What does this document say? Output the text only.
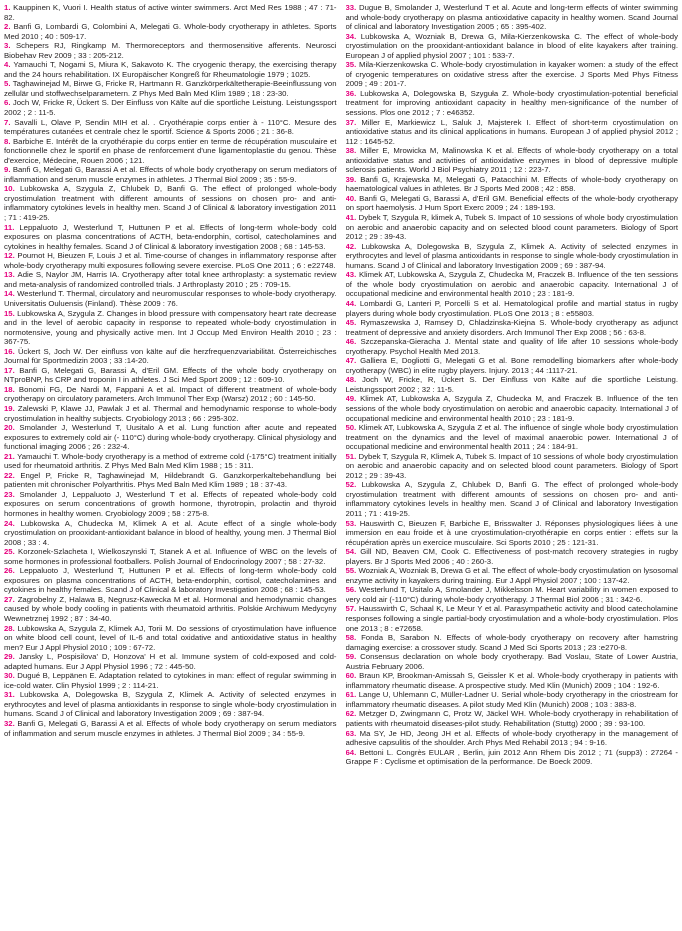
1 . Kauppinen K, Vuori I. Health status of active winter swimmers. Arct Med Res 1988 ; 47 : 71-82.

2 . Banfi G, Lombardi G, Colombini A, Melegati G. Whole-body cryotherapy in athletes. Sports Med 2010 ; 40 : 509-17.

3 . Schepers RJ, Ringkamp M. Thermoreceptors and thermosensitive afferents. Neurosci Biobehav Rev 2009 ; 33 : 205-212.

4 . Yamauchi T, Nogami S, Miura K, Sakavoto K. The cryogenic therapy, the exercising therapy and the 24 hours rehabilitation. IX Europäischer Kongreß für Rheumatologie 1979 ; 1025.

5 . Taghawinejad M, Birwe G, Fricke R, Hartmann R. Ganzkörperkältetherapie-Beeinflussung von zellulär und stoffwechselparametern. Z Phys Med Baln Med Klim 1989 ; 18 : 23-30.

6 . Joch W, Fricke R, Ückert S. Der Einfluss von Kälte auf die sportliche Leistung. Leistungssport 2002 ; 2 : 11-5.

7 . Savalli L, Olave P, Sendin MIH et al. . Cryothérapie corps entier à - 110°C. Mesure des températures cutanées et centrale chez le sportif. Science & Sports 2006 ; 21 : 36-8.

8 . Barbiche E. Intérêt de la cryothérapie du corps entier en terme de récupération musculaire et fonctionnelle chez le sportif en phase de renforcement d'une ligamentoplastie du genou. Thèse d'exercice, Médecine, Rouen 2006 ; 121.

9 . Banfi G, Melegati G, Barassi A et al. Effects of whole body cryotherapy on serum mediators of inflammation and serum muscle enzymes in athletes. J Thermal Biol 2009 ; 35 : 55-9.

10 . Lubkowska A, Szygula Z, Chlubek D, Banfi G. The effect of prolonged whole-body cryostimulation treatment with different amounts of sessions on chosen pro- and anti-inflammatory cytokines levels in healthy men. Scand J of Clinical & laboratory investigation 2011 ; 71 : 419-25.

11 . Leppaluoto J, Westerlund T, Huttunen P et al. Effects of long-term whole-body cold exposures on plasma concentrations of ACTH, beta-endorphin, cortisol, catecholamines and cytokines in healthy females. Scand J of Clinical & laboratory investigation 2008 ; 68 : 145-53.

12 . Pournot H, Bieuzen F, Louis J et al. Time-course of changes in inflammatory response after whole-body cryotherapy multi exposures following severe exercise. PLoS One 2011 ; 6 : e22748.

13 . Adie S, Naylor JM, Harris IA. Cryotherapy after total knee arthroplasty: a systematic review and meta-analysis of randomized controlled trials. J Arthroplasty 2010 ; 25 : 709-15.

14 . Westerlund T. Thermal, circulatory and neuromuscular responses to whole-body cryotherapy. Universitatis Ouluensis (Finland). Thèse 2009 : 76.

15 . Lubkowska A, Szygula Z. Changes in blood pressure with compensatory heart rate decrease and in the level of aerobic capacity in response to repeated whole-body cryostimulation in normotensive, young and physically active men. Int J Occup Med Environ Health 2010 ; 23 : 367-75.

16 . Ückert S, Joch W. Der einfluss von kälte auf die herzfrequenzvariabilität. Österreichisches Journal für Sportmedizin 2003 ; 33 :14-20.

17 . Banfi G, Melegati G, Barassi A, d'Eril GM. Effects of the whole body cryotherapy on NTproBNP, hs CRP and troponin I in athletes. J Sci Med Sport 2009 ; 12 : 609-10.

18 . Bonomi FG, De Nardi M, Fappani A et al. Impact of different treatment of whole-body cryotherapy on circulatory parameters. Arch Immunol Ther Exp (Warsz) 2012 ; 60 : 145-50.

19 . Zalewski P, Klawe JJ, Pawlak J et al. Thermal and hemodynamic response to whole-body cryostimulation in healthy subjects. Cryobiology 2013 ; 66 : 295-302.

20 . Smolander J, Westerlund T, Uusitalo A et al. Lung function after acute and repeated exposures to extremely cold air (- 110°C) during whole-body cryotherapy. Clinical physiology and functional imaging 2006 ; 26 : 232-4.

21 . Yamauchi T. Whole-body cryotherapy is a method of extreme cold (-175°C) treatment initially used for rheumatoid arthritis. Z Phys Med Baln Med Klim 1988 ; 15 : 311.

22 . Engel P, Fricke R, Taghawinejad M, Hildebrandt G. Ganzkorperkaltebehandlung bei patienten mit chronischer Polyarthritis. Phys Med Baln Med Klim 1989 ; 18 : 37-43.

23 . Smolander J, Leppaluoto J, Westerlund T et al. Effects of repeated whole-body cold exposures on serum concentrations of growth hormone, thyrotropin, prolactin and thyroid hormones in healthy women. Cryobiology 2009 ; 58 : 275-8.

24 . Lubkowska A, Chudecka M, Klimek A et al. Acute effect of a single whole-body cryostimulation on prooxidant-antioxidant balance in blood of healthy, young men. J Thermal Biol 2008 ; 33 : 4.

25 . Korzonek-Szlacheta I, Wielkoszynski T, Stanek A et al. Influence of WBC on the levels of some hormones in professional footballers. Polish Journal of Endocrinology 2007 ; 58 : 27-32.

26 . Leppaluoto J, Westerlund T, Huttunen P et al. Effects of long-term whole-body cold exposures on plasma concentrations of ACTH, beta-endorphin, cortisol, catecholamines and cytokines in healthy females. Scand J of Clinical & laboratory Investigation 2008 ; 68 : 145-53.

27 . Zagrobelny Z, Halawa B, Negrusz-Kawecka M et al. Hormonal and hemodynamic changes caused by whole body cooling in patients with rheumatoid arthritis. Polskie Archiwum Medycyny Wewnetrznej 1992 ; 87 : 34-40.

28 . Lubkowska A, Szygula Z, Klimek AJ, Torii M. Do sessions of cryostimulation have influence on white blood cell count, level of IL-6 and total oxidative and antioxidative status in healthy men? Eur J Appl Physiol 2010 ; 109 : 67-72.

29 . Jansky L, Pospisilova' D, Honzova' H et al. Immune system of cold-exposed and cold-adapted humans. Eur J Appl Physiol 1996 ; 72 : 445-50.

30 . Dugué B, Leppänen E. Adaptation related to cytokines in man: effect of regular swimming in ice-cold water. Clin Physiol 1999 ; 2 : 114-21.

31 . Lubkowska A, Dolegowska B, Szygula Z, Klimek A. Activity of selected enzymes in erythrocytes and level of plasma antioxidants in response to single whole-body cryostimulation in humans. Scand J of Clinical and laboratory Investigation 2009 ; 69 : 387-94.

32 . Banfi G, Melegati G, Barassi A et al. Effects of whole body cryotherapy on serum mediators of inflammation and serum muscle enzymes in athletes. J Thermal Biol 2009 ; 34 : 55-9.

33 . Dugue B, Smolander J, Westerlund T et al. Acute and long-term effects of winter swimming and whole-body cryotherapy on plasma antioxidative capacity in healthy women. Scand Journal of clinical and laboratory Investigation 2005 ; 65 : 395-402.

34 . Lubkowska A, Wozniak B, Drewa G, Mila-Kierzenkowska C. The effect of whole-body cryostimulation on the prooxidant-antioxidant balance in blood of elite kayakers after training. European J of applied physiol 2007 ; 101 : 533-7.

35 . Mila-Kierzenkowska C. Whole-body cryostimulation in kayaker women: a study of the effect of cryogenic temperatures on oxidative stress after the exercise. J Sports Med Phys Fitness 2009 ; 49 : 201-7.

36 . Lubkowska A, Dolegowska B, Szyguła Z. Whole-body cryostimulation-potential beneficial treatment for improving antioxidant capacity in healthy men-significance of the number of sessions. Plos one 2012 ; 7 : e46352.

37 . Miller E, Markiewicz L, Saluk J, Majsterek I. Effect of short-term cryostimulation on antioxidative status and its clinical applications in humans. European J of applied physiol 2012 ; 112 : 1645-52.

38 . Miller E, Mrowicka M, Malinowska K et al. Effects of whole-body cryotherapy on a total antioxidative status and activities of antioxidative enzymes in blood of depressive multiple sclerosis patients. World J Biol Psychiatry 2011 ; 12 : 223-7.

39 . Banfi G, Krajewska M, Melegati G, Patacchini M. Effects of whole-body cryotherapy on haematological values in athletes. Br J Sports Med 2008 ; 42 : 858.

40 . Banfi G, Melegati G, Barassi A, d'Eril GM. Beneficial effects of the whole-body cryotherapy on sport haemolysis. J Hum Sport Exerc 2009 ; 24 : 189-193.

41 . Dybek T, Szygula R, klimek A, Tubek S. Impact of 10 sessions of whole body cryostimulation on aerobic and anaerobic capacity and on selected blood count parameters. Biology of Sport 2012 ; 29 : 39-43.

42 . Lubkowska A, Dolegowska B, Szygula Z, Klimek A. Activity of selected enzymes in erythrocytes and level of plasma antioxidants in response to single whole-body cryostimulation in humans. Scand J of Clinical and laboratory Investigation 2009 ; 69 : 387-94.

43 . Klimek AT, Lubkowska A, Szygula Z, Chudecka M, Fraczek B. Influence of the ten sessions of the whole body cryostimulation on aerobic and anaerobic capacity. International J of occupational medicine and environmental health 2010 ; 23 : 181-9.

44 . Lombardi G, Lanteri P, Porcelli S et al. Hematological profile and martial status in rugby players during whole body cryostimulation. PLoS One 2013 ; 8 : e55803.

45 . Rymaszewska J, Ramsey D, Chladzinska-Kiejna S. Whole-body cryotherapy as adjunct treatment of depressive and anxiety disorders. Arch Immunol Ther Exp 2008 ; 56 : 63-8.

46 . Szczepanska-Gieracha J. Mental state and quality of life after 10 sessions whole-body cryotherapy. Psychol Health Med 2013.

47 . Galliera E, Dogliotti G, Melegati G et al. Bone remodelling biomarkers after whole-body cryotherapy (WBC) in elite rugby players. Injury. 2013 ; 44 :1117-21.

48 . Joch W, Fricke, R, Ückert S. Der Einfluss von Kälte auf die sportliche Leistung. Leistungssport 2002 ; 32 : 11-5.

49 . Klimek AT, Lubkowska A, Szygula Z, Chudecka M, and Fraczek B. Influence of the ten sessions of the whole body cryostimulation on aerobic and anaerobic capacity. International J of occupational medicine and environmental health 2010 ; 23 : 181-9.

50 . Klimek AT, Lubkowska A, Szygula Z et al. The influence of single whole body cryostimulation treatment on the dynamics and the level of maximal anaerobic power. International J of occupational medicine and environmental health 2011 ; 24 : 184-91.

51 . Dybek T, Szygula R, Klimek A, Tubek S. Impact of 10 sessions of whole body cryostimulation on aerobic and anaerobic capacity and on selected blood count parameters. Biology of Sport 2012 ; 29 : 39-43.

52 . Lubkowska A, Szygula Z, Chlubek D, Banfi G. The effect of prolonged whole-body cryostimulation treatment with different amounts of sessions on chosen pro- and anti-inflammatory cytokines levels in healthy men. Scand J of Clinical and laboratory Investigation 2011 ; 71 : 419-25.

53 . Hauswirth C, Bieuzen F, Barbiche E, Brisswalter J. Réponses physiologiques liées à une immersion en eau froide et à une cryostimulation-cryothérapie en corps entier : effets sur la récupération après un exercice musculaire. Sci Sports 2010 ; 25 : 121-31.

54 . Gill ND, Beaven CM, Cook C. Effectiveness of post-match recovery strategies in rugby players. Br J Sports Med 2006 ; 40 : 260-3.

55 . Wozniak A, Wozniak B, Drewa G et al. The effect of whole-body cryostimulation on lysosomal enzyme activity in kayakers during training. Eur J Appl Physiol 2007 ; 100 : 137-42.

56 . Westerlund T, Usitalo A, Smolander J, Mikkelsson M. Heart variability in women exposed to very cold air (-110°C) during whole-body cryotherapy. J Thermal Biol 2006 ; 31 : 342-6.

57 . Hausswirth C, Schaal K, Le Meur Y et al. Parasympathetic activity and blood catecholamine responses following a single partial-body cryostimulation and a whole-body cryostimulation. Plos one 2013 ; 8 : e72658.

58 . Fonda B, Sarabon N. Effects of whole-body cryotherapy on recovery after hamstring damaging exercise: a crossover study. Scand J Med Sci Sports 2013 ; 23 :e270-8.

59 . Consensus declaration on whole body cryotherapy. Bad Voslau, State of Lower Austria, Austria February 2006.

60 . Braun KP, Brookman-Amissah S, Geissler K et al. Whole-body cryotherapy in patients with inflammatory rheumatic disease. A prospective study. Med Klin (Munich) 2009 ; 104 : 192-6.

61 . Lange U, Uhlemann C, Müller-Ladner U. Serial whole-body cryotherapy in the criostream for inflammatory rheumatic diseases. A pilot study Med Klin (Munich) 2008 ; 103 : 383-8.

62 . Metzger D, Zwingmann C, Protz W, Jäckel WH. Whole-body cryotherapy in rehabilitation of patients with rheumatoid diseases-pilot study. Rehabilitation (Stuttg) 2000 ; 39 : 93-100.

63 . Ma SY, Je HD, Jeong JH et al. Effects of whole-body cryotherapy in the management of adhesive capsulitis of the shoulder. Arch Phys Med Rehabil 2013 ; 94 : 9-16.

64 . Bettoni L. Congrès EULAR , Berlin, juin 2012 Ann Rhem Dis 2012 ; 71 (supp3) : 27264 - Grappe F : Cyclisme et optimisation de la performance. De Boeck 2009.
